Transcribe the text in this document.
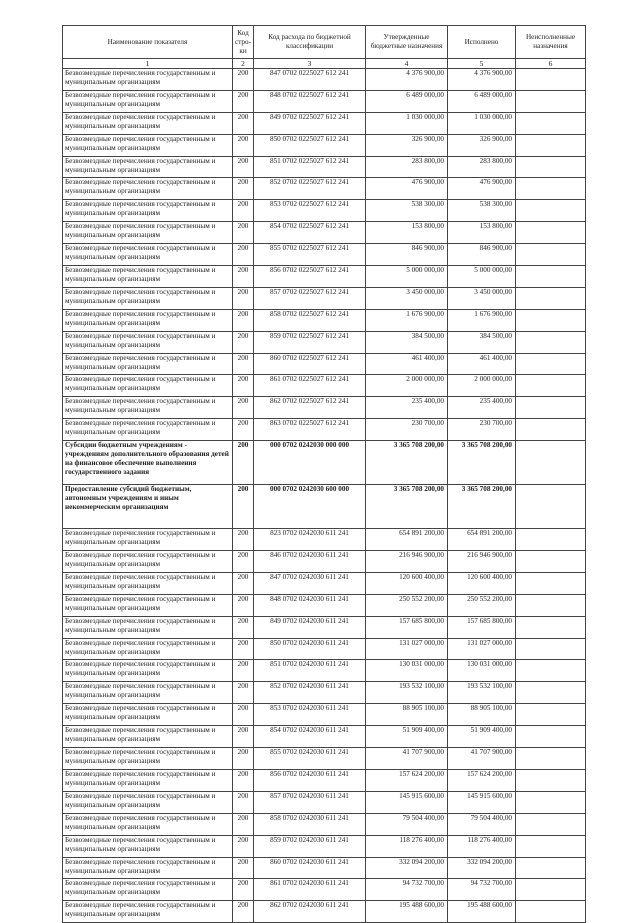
Наименование показателя	Код стро-ки	Код расхода по бюджетной классификации	Утвержденные бюджетные назначения	Исполнено	Неисполненные назначения
1	2	3	4	5	6
Безвозмездные перечисления государственным и муниципальным организациям	200	847 0702 0225027 612 241	4 376 900,00	4 376 900,00	
Безвозмездные перечисления государственным и муниципальным организациям	200	848 0702 0225027 612 241	6 489 000,00	6 489 000,00	
Безвозмездные перечисления государственным и муниципальным организациям	200	849 0702 0225027 612 241	1 030 000,00	1 030 000,00	
Безвозмездные перечисления государственным и муниципальным организациям	200	850 0702 0225027 612 241	326 900,00	326 900,00	
Безвозмездные перечисления государственным и муниципальным организациям	200	851 0702 0225027 612 241	283 800,00	283 800,00	
Безвозмездные перечисления государственным и муниципальным организациям	200	852 0702 0225027 612 241	476 900,00	476 900,00	
Безвозмездные перечисления государственным и муниципальным организациям	200	853 0702 0225027 612 241	538 300,00	538 300,00	
Безвозмездные перечисления государственным и муниципальным организациям	200	854 0702 0225027 612 241	153 800,00	153 800,00	
Безвозмездные перечисления государственным и муниципальным организациям	200	855 0702 0225027 612 241	846 900,00	846 900,00	
Безвозмездные перечисления государственным и муниципальным организациям	200	856 0702 0225027 612 241	5 000 000,00	5 000 000,00	
Безвозмездные перечисления государственным и муниципальным организациям	200	857 0702 0225027 612 241	3 450 000,00	3 450 000,00	
Безвозмездные перечисления государственным и муниципальным организациям	200	858 0702 0225027 612 241	1 676 900,00	1 676 900,00	
Безвозмездные перечисления государственным и муниципальным организациям	200	859 0702 0225027 612 241	384 500,00	384 500,00	
Безвозмездные перечисления государственным и муниципальным организациям	200	860 0702 0225027 612 241	461 400,00	461 400,00	
Безвозмездные перечисления государственным и муниципальным организациям	200	861 0702 0225027 612 241	2 000 000,00	2 000 000,00	
Безвозмездные перечисления государственным и муниципальным организациям	200	862 0702 0225027 612 241	235 400,00	235 400,00	
Безвозмездные перечисления государственным и муниципальным организациям	200	863 0702 0225027 612 241	230 700,00	230 700,00	
Субсидии бюджетным учреждениям - учреждениям дополнительного образования детей на финансовое обеспечение выполнения государственного задания	200	000 0702 0242030 000 000	3 365 708 200,00	3 365 708 200,00	
Предоставление субсидий бюджетным, автономным учреждениям и иным некоммерческим организациям	200	000 0702 0242030 600 000	3 365 708 200,00	3 365 708 200,00	
Безвозмездные перечисления государственным и муниципальным организациям	200	823 0702 0242030 611 241	654 891 200,00	654 891 200,00	
Безвозмездные перечисления государственным и муниципальным организациям	200	846 0702 0242030 611 241	216 946 900,00	216 946 900,00	
Безвозмездные перечисления государственным и муниципальным организациям	200	847 0702 0242030 611 241	120 600 400,00	120 600 400,00	
Безвозмездные перечисления государственным и муниципальным организациям	200	848 0702 0242030 611 241	250 552 200,00	250 552 200,00	
Безвозмездные перечисления государственным и муниципальным организациям	200	849 0702 0242030 611 241	157 685 800,00	157 685 800,00	
Безвозмездные перечисления государственным и муниципальным организациям	200	850 0702 0242030 611 241	131 027 000,00	131 027 000,00	
Безвозмездные перечисления государственным и муниципальным организациям	200	851 0702 0242030 611 241	130 031 000,00	130 031 000,00	
Безвозмездные перечисления государственным и муниципальным организациям	200	852 0702 0242030 611 241	193 532 100,00	193 532 100,00	
Безвозмездные перечисления государственным и муниципальным организациям	200	853 0702 0242030 611 241	88 905 100,00	88 905 100,00	
Безвозмездные перечисления государственным и муниципальным организациям	200	854 0702 0242030 611 241	51 909 400,00	51 909 400,00	
Безвозмездные перечисления государственным и муниципальным организациям	200	855 0702 0242030 611 241	41 707 900,00	41 707 900,00	
Безвозмездные перечисления государственным и муниципальным организациям	200	856 0702 0242030 611 241	157 624 200,00	157 624 200,00	
Безвозмездные перечисления государственным и муниципальным организациям	200	857 0702 0242030 611 241	145 915 600,00	145 915 600,00	
Безвозмездные перечисления государственным и муниципальным организациям	200	858 0702 0242030 611 241	79 504 400,00	79 504 400,00	
Безвозмездные перечисления государственным и муниципальным организациям	200	859 0702 0242030 611 241	118 276 400,00	118 276 400,00	
Безвозмездные перечисления государственным и муниципальным организациям	200	860 0702 0242030 611 241	332 094 200,00	332 094 200,00	
Безвозмездные перечисления государственным и муниципальным организациям	200	861 0702 0242030 611 241	94 732 700,00	94 732 700,00	
Безвозмездные перечисления государственным и муниципальным организациям	200	862 0702 0242030 611 241	195 488 600,00	195 488 600,00	
